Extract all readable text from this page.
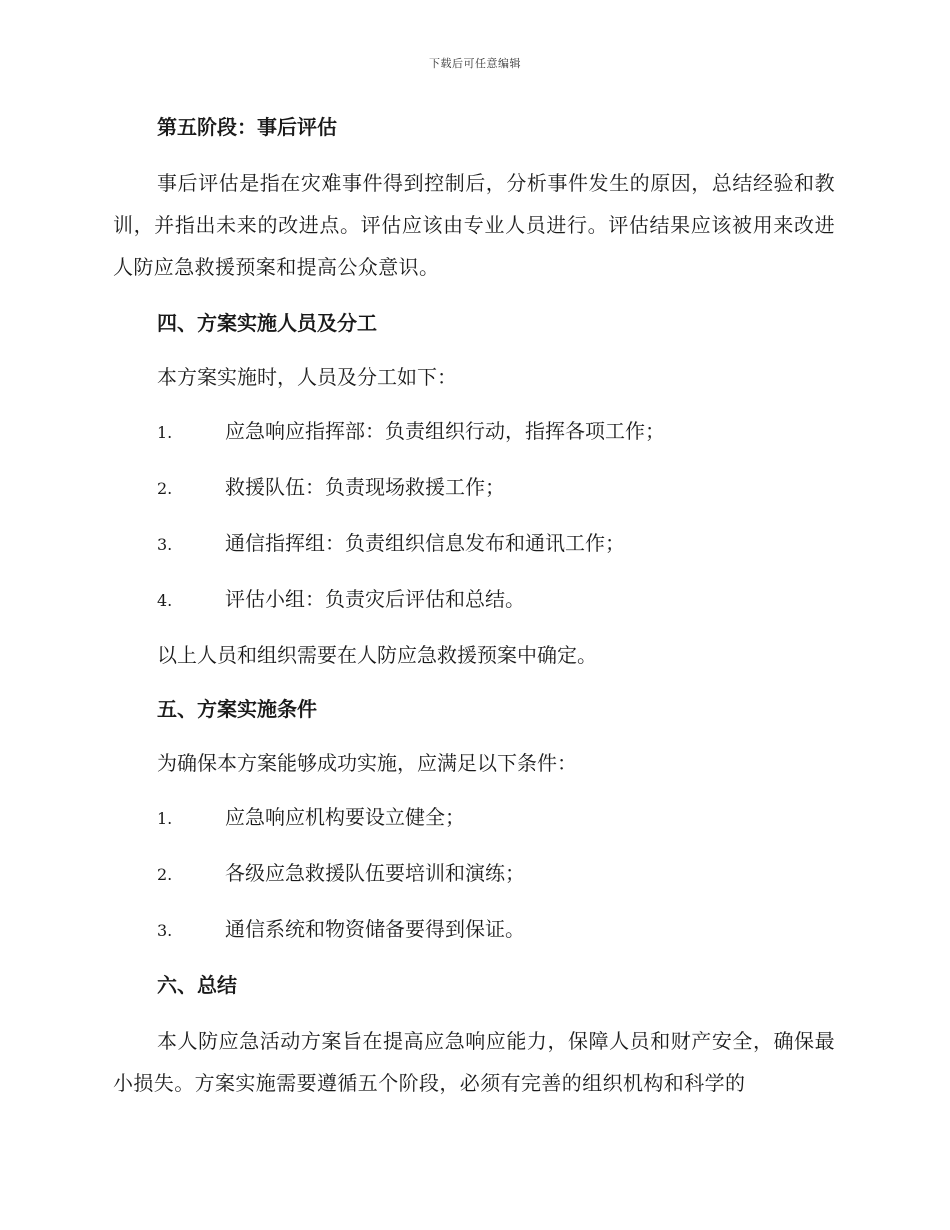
下载后可任意编辑

第五阶段：事后评估

事后评估是指在灾难事件得到控制后，分析事件发生的原因，总结经验和教训，并指出未来的改进点。评估应该由专业人员进行。评估结果应该被用来改进人防应急救援预案和提高公众意识。

四、方案实施人员及分工

本方案实施时，人员及分工如下：

1.	应急响应指挥部：负责组织行动，指挥各项工作；
2.	救援队伍：负责现场救援工作；
3.	通信指挥组：负责组织信息发布和通讯工作；
4.	评估小组：负责灾后评估和总结。

以上人员和组织需要在人防应急救援预案中确定。

五、方案实施条件

为确保本方案能够成功实施，应满足以下条件：

1.	应急响应机构要设立健全；
2.	各级应急救援队伍要培训和演练；
3.	通信系统和物资储备要得到保证。

六、总结

本人防应急活动方案旨在提高应急响应能力，保障人员和财产安全，确保最小损失。方案实施需要遵循五个阶段，必须有完善的组织机构和科学的
